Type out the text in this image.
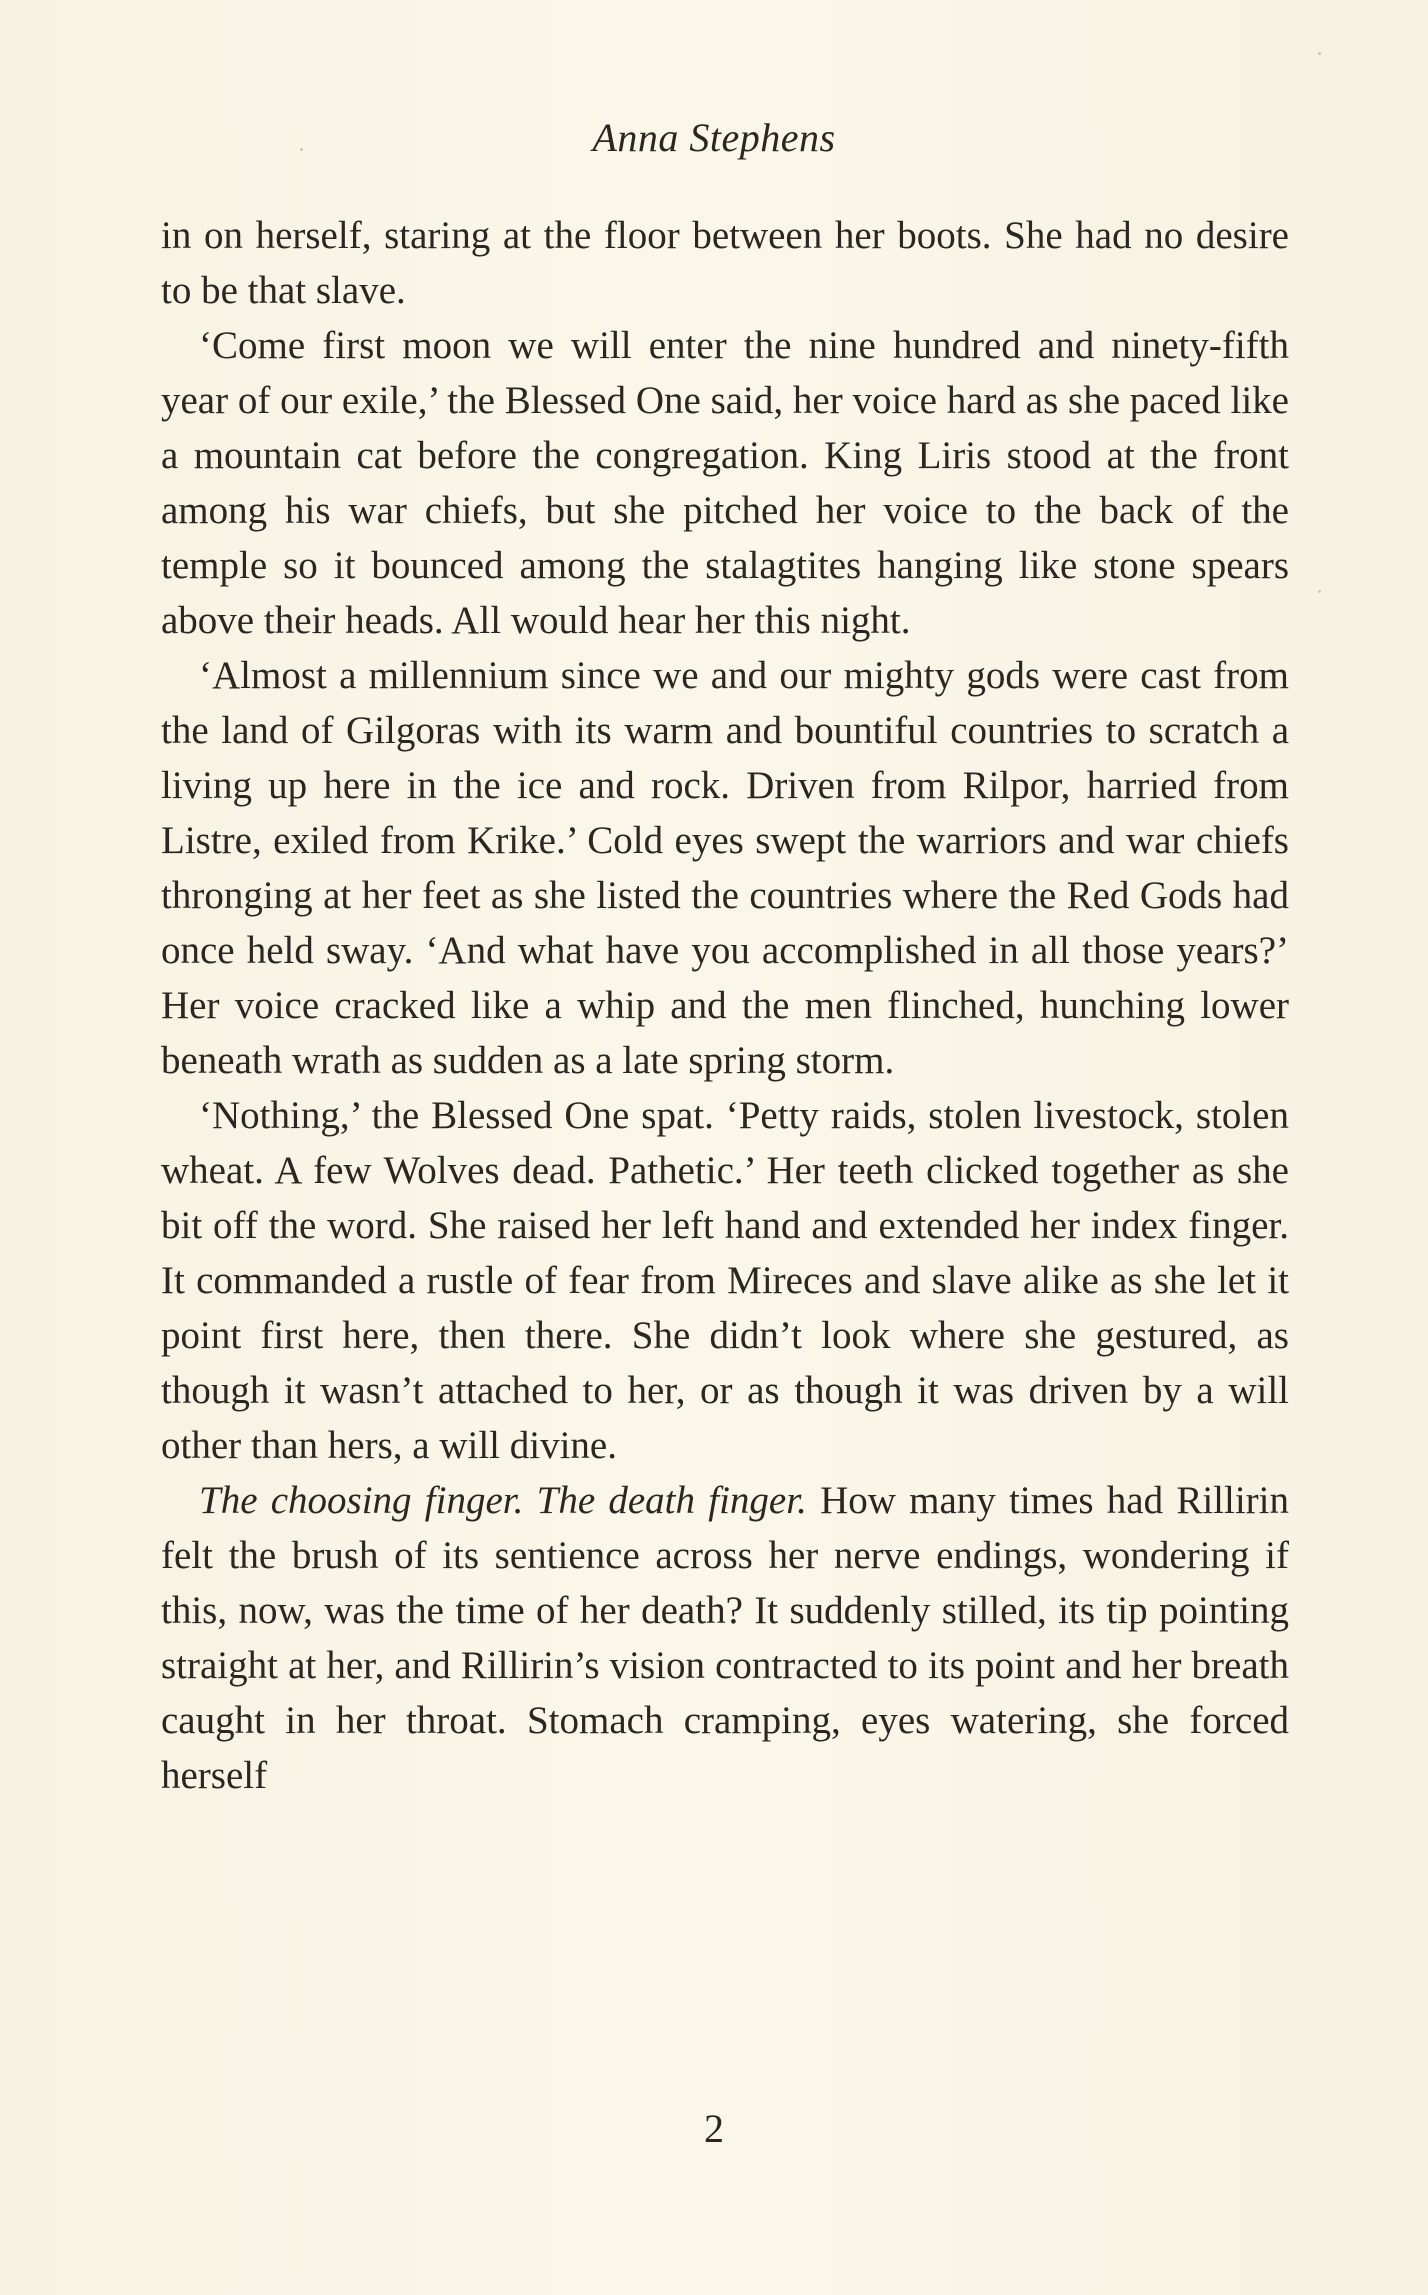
Anna Stephens

in on herself, staring at the floor between her boots. She had no desire to be that slave.

‘Come first moon we will enter the nine hundred and ninety-fifth year of our exile,’ the Blessed One said, her voice hard as she paced like a mountain cat before the congregation. King Liris stood at the front among his war chiefs, but she pitched her voice to the back of the temple so it bounced among the stalagtites hanging like stone spears above their heads. All would hear her this night.

‘Almost a millennium since we and our mighty gods were cast from the land of Gilgoras with its warm and bountiful countries to scratch a living up here in the ice and rock. Driven from Rilpor, harried from Listre, exiled from Krike.’ Cold eyes swept the warriors and war chiefs thronging at her feet as she listed the countries where the Red Gods had once held sway. ‘And what have you accomplished in all those years?’ Her voice cracked like a whip and the men flinched, hunching lower beneath wrath as sudden as a late spring storm.

‘Nothing,’ the Blessed One spat. ‘Petty raids, stolen livestock, stolen wheat. A few Wolves dead. Pathetic.’ Her teeth clicked together as she bit off the word. She raised her left hand and extended her index finger. It commanded a rustle of fear from Mireces and slave alike as she let it point first here, then there. She didn’t look where she gestured, as though it wasn’t attached to her, or as though it was driven by a will other than hers, a will divine.

The choosing finger. The death finger. How many times had Rillirin felt the brush of its sentience across her nerve endings, wondering if this, now, was the time of her death? It suddenly stilled, its tip pointing straight at her, and Rillirin’s vision contracted to its point and her breath caught in her throat. Stomach cramping, eyes watering, she forced herself

2
